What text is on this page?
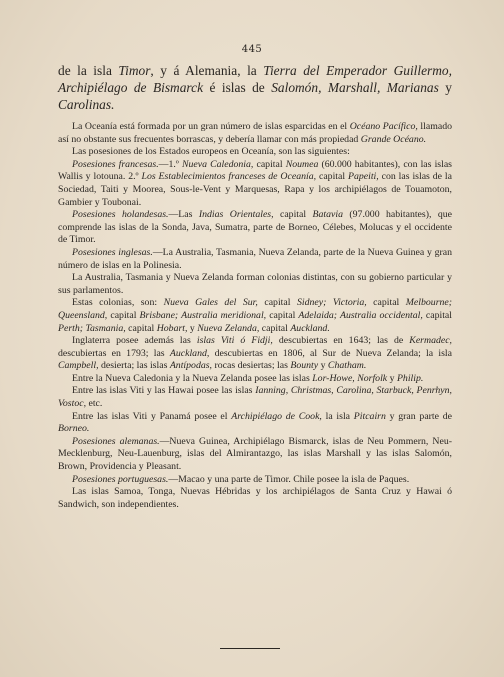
445

de la isla Timor, y á Alemania, la Tierra del Emperador Guillermo, Archipiélago de Bismarck é islas de Salomón, Marshall, Marianas y Carolinas.

La Oceanía está formada por un gran número de islas esparcidas en el Océano Pacífico, llamado así no obstante sus frecuentes borrascas, y debería llamar con más propiedad Grande Océano.

Las posesiones de los Estados europeos en Oceanía, son las siguientes:

Posesiones francesas.—1.º Nueva Caledonia, capital Noumea (60.000 habitantes), con las islas Wallis y lotouna. 2.º Los Establecimientos franceses de Oceanía, capital Papeiti, con las islas de la Sociedad, Taiti y Moorea, Sous-le-Vent y Marquesas, Rapa y los archipiélagos de Touamoton, Gambier y Toubonai.

Posesiones holandesas.—Las Indias Orientales, capital Batavia (97.000 habitantes), que comprende las islas de la Sonda, Java, Sumatra, parte de Borneo, Célebes, Molucas y el occidente de Timor.

Posesiones inglesas.—La Australia, Tasmania, Nueva Zelanda, parte de la Nueva Guinea y gran número de islas en la Polinesia.

La Australia, Tasmania y Nueva Zelanda forman colonias distintas, con su gobierno particular y sus parlamentos.

Estas colonias, son: Nueva Gales del Sur, capital Sidney; Victoria, capital Melbourne; Queensland, capital Brisbane; Australia meridional, capital Adelaida; Australia occidental, capital Perth; Tasmania, capital Hobart, y Nueva Zelanda, capital Auckland.

Inglaterra posee además las islas Viti ó Fidji, descubiertas en 1643; las de Kermadec, descubiertas en 1793; las Auckland, descubiertas en 1806, al Sur de Nueva Zelanda; la isla Campbell, desierta; las islas Antípodas, rocas desiertas; las Bounty y Chatham.

Entre la Nueva Caledonia y la Nueva Zelanda posee las islas Lor-Howe, Norfolk y Philip.

Entre las islas Viti y las Hawai posee las islas Ianning, Christmas, Carolina, Starbuck, Penrhyn, Vostoc, etc.

Entre las islas Viti y Panamá posee el Archipiélago de Cook, la isla Pitcairn y gran parte de Borneo.

Posesiones alemanas.—Nueva Guinea, Archipiélago Bismarck, islas de Neu Pommern, Neu-Mecklenburg, Neu-Lauenburg, islas del Almirantazgo, las islas Marshall y las islas Salomón, Brown, Providencia y Pleasant.

Posesiones portuguesas.—Macao y una parte de Timor. Chile posee la isla de Paques.

Las islas Samoa, Tonga, Nuevas Hébridas y los archipiélagos de Santa Cruz y Hawai ó Sandwich, son independientes.
